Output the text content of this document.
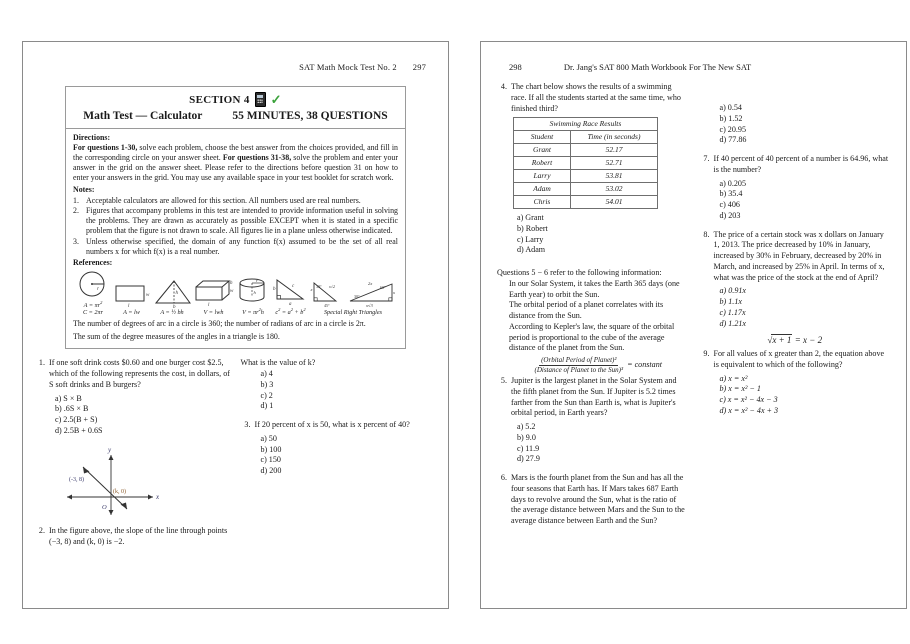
SAT Math Mock Test No. 2 297
SECTION 4 ✓
Math Test — Calculator	55 MINUTES, 38 QUESTIONS
Directions:

For questions 1-30, solve each problem, choose the best answer from the choices provided, and fill in the corresponding circle on your answer sheet. For questions 31-38, solve the problem and enter your answer in the grid on the answer sheet. Please refer to the directions before question 31 on how to enter your answers in the grid. You may use any available space in your test booklet for scratch work.

Notes:
1. Acceptable calculators are allowed for this section. All numbers used are real numbers.
2. Figures that accompany problems in this test are intended to provide information useful in solving the problems. They are drawn as accurately as possible EXCEPT when it is stated in a specific problem that the figure is not drawn to scale. All figures lie in a plane unless otherwise indicated.
3. Unless otherwise specified, the domain of any function f(x) assumed to be the set of all real numbers x for which f(x) is a real number.
References:
r
$A = \pi r^2$
C = 2πr
l
w
A = lw
h
b
A = ½ bh
l
w
h
V = lwh
r
h
$V = \pi r^2h$
b
a
c
$c^2 = a^2 + b^2$
x
30°
45°
x√2
30°
60°
2x
x
x√3
Special Right Triangles
The number of degrees of arc in a circle is 360; the number of radians of arc in a circle is 2π.
The sum of the degree measures of the angles in a triangle is 180.
1. If one soft drink costs $0.60 and one burger cost $2.5, which of the following represents the cost, in dollars, of S soft drinks and B burgers?
a) S × B
b) .6S × B
c) 2.5(B + S)
d) 2.5B + 0.6S
y
x
O
(-3, 8)
(k, 0)
2. In the figure above, the slope of the line through points (−3, 8) and (k, 0) is −2.
What is the value of k?
a) 4
b) 3
c) 2
d) 1
3. If 20 percent of x is 50, what is x percent of 40?
a) 50
b) 100
c) 150
d) 200
298	Dr. Jang's SAT 800 Math Workbook For The New SAT
4. The chart below shows the results of a swimming race. If all the students started at the same time, who finished third?
Swimming Race Results	
Student	Time (in seconds)
Grant	52.17
Robert	52.71
Larry	53.81
Adam	53.02
Chris	54.01
a) Grant
b) Robert
c) Larry
d) Adam
Questions 5 − 6 refer to the following information:
In our Solar System, it takes the Earth 365 days (one Earth year) to orbit the Sun.
The orbital period of a planet correlates with its distance from the Sun.
According to Kepler's law, the square of the orbital period is proportional to the cube of the average distance of the planet from the Sun.
$\frac{\text{(Orbital Period of Planet)²}}{\text{(Distance of Planet to the Sun)³}}$ = constant
5. Jupiter is the largest planet in the Solar System and the fifth planet from the Sun. If Jupiter is 5.2 times farther from the Sun than Earth is, what is Jupiter's orbital period, in Earth years?
a) 5.2
b) 9.0
c) 11.9
d) 27.9
6. Mars is the fourth planet from the Sun and has all the four seasons that Earth has. If Mars takes 687 Earth days to revolve around the Sun, what is the ratio of the average distance between Mars and the Sun to the average distance between Earth and the Sun?
a) 0.54
b) 1.52
c) 20.95
d) 77.86
7. If 40 percent of 40 percent of a number is 64.96, what is the number?
a) 0.205
b) 35.4
c) 406
d) 203
8. The price of a certain stock was x dollars on January 1, 2013. The price decreased by 10% in January, increased by 30% in February, decreased by 20% in March, and increased by 25% in April. In terms of x, what was the price of the stock at the end of April?
a) 0.91x
b) 1.1x
c) 1.17x
d) 1.21x
√x + 1 = x − 2
9. For all values of x greater than 2, the equation above is equivalent to which of the following?
a) x = x²
b) x = x² − 1
c) x = x² − 4x − 3
d) x = x² − 4x + 3
